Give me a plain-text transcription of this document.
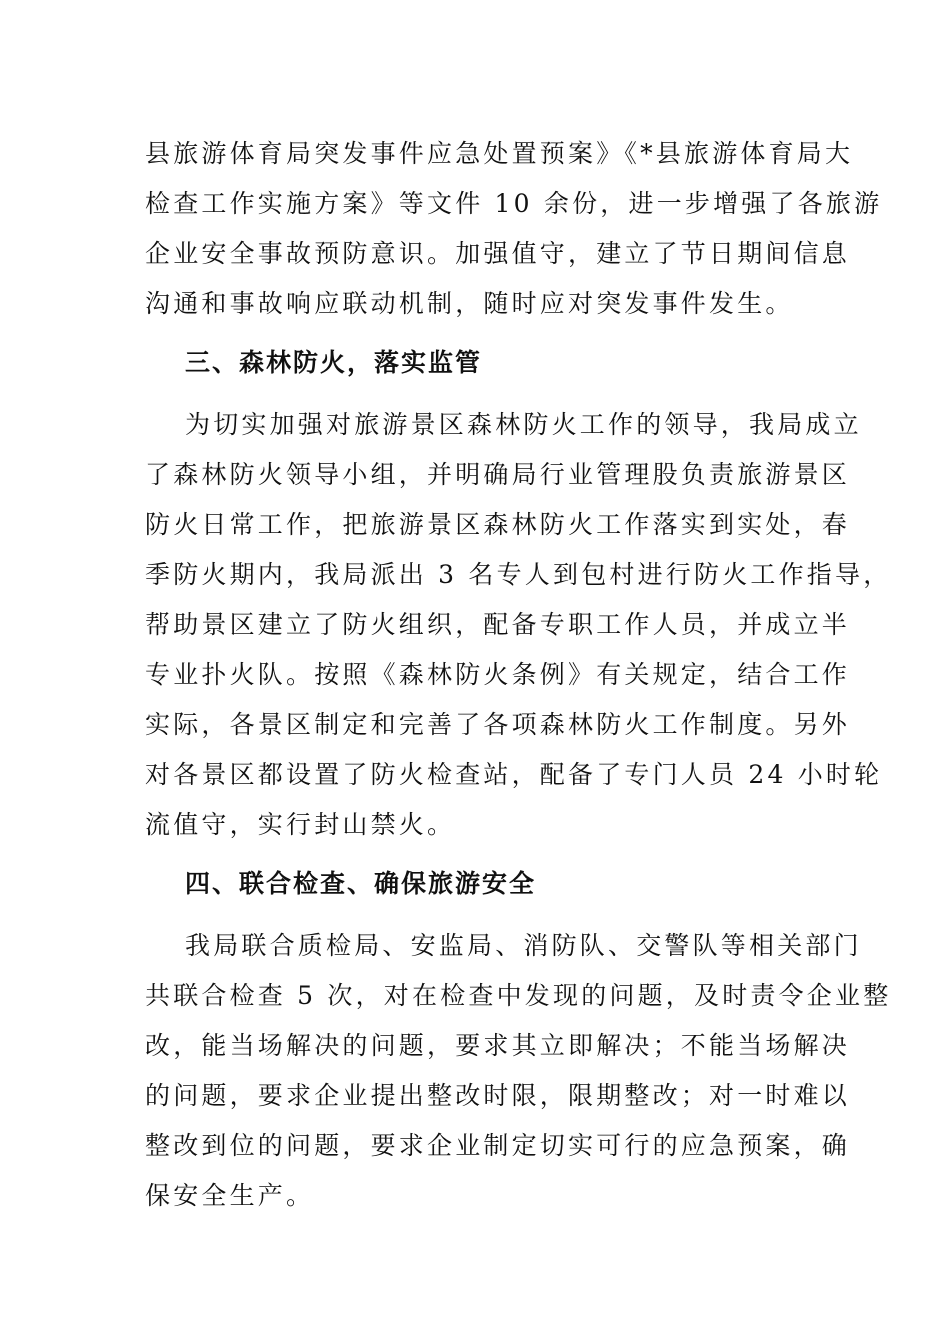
县旅游体育局突发事件应急处置预案》《*县旅游体育局大
检查工作实施方案》等文件 10 余份，进一步增强了各旅游
企业安全事故预防意识。加强值守，建立了节日期间信息
沟通和事故响应联动机制，随时应对突发事件发生。
三、森林防火，落实监管
为切实加强对旅游景区森林防火工作的领导，我局成立
了森林防火领导小组，并明确局行业管理股负责旅游景区
防火日常工作，把旅游景区森林防火工作落实到实处，春
季防火期内，我局派出 3 名专人到包村进行防火工作指导，
帮助景区建立了防火组织，配备专职工作人员，并成立半
专业扑火队。按照《森林防火条例》有关规定，结合工作
实际，各景区制定和完善了各项森林防火工作制度。另外
对各景区都设置了防火检查站，配备了专门人员 24 小时轮
流值守，实行封山禁火。
四、联合检查、确保旅游安全
我局联合质检局、安监局、消防队、交警队等相关部门
共联合检查 5 次，对在检查中发现的问题，及时责令企业整
改，能当场解决的问题，要求其立即解决；不能当场解决
的问题，要求企业提出整改时限，限期整改；对一时难以
整改到位的问题，要求企业制定切实可行的应急预案，确
保安全生产。
